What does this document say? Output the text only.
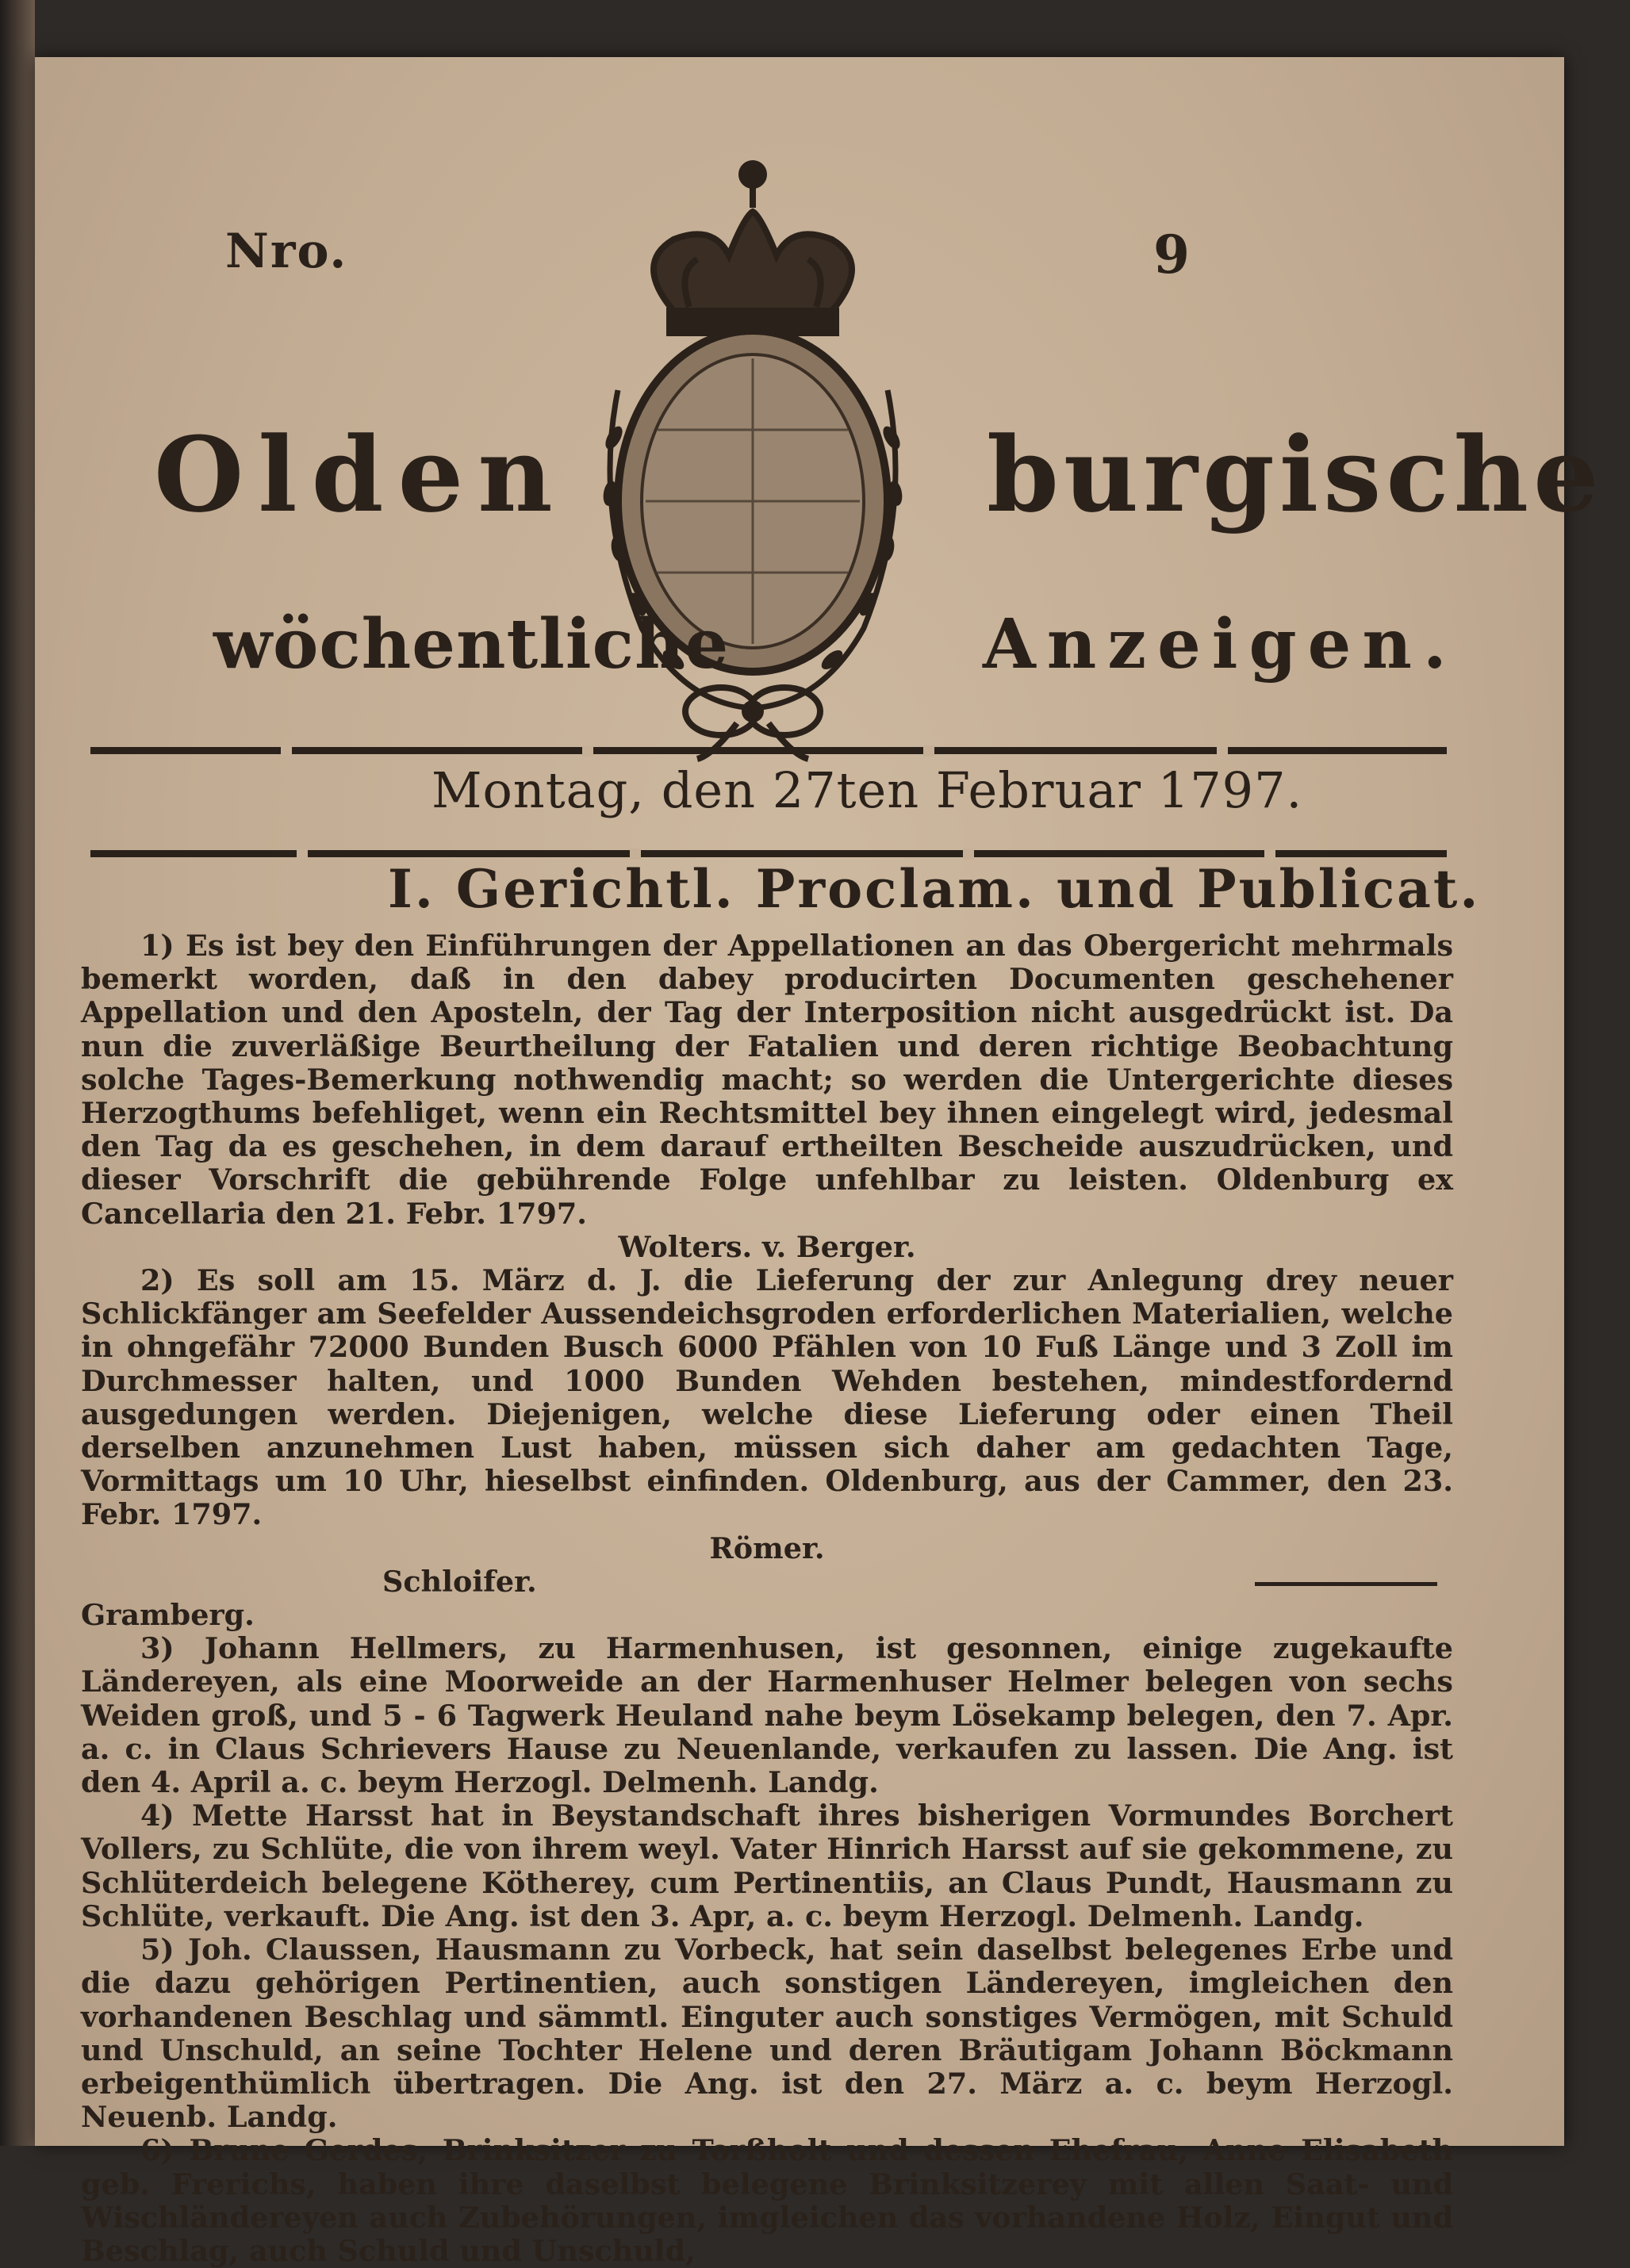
Nro.	9
Olden	burgische
wöchentliche	Anzeigen.
Montag, den 27ten Februar 1797.
I. Gerichtl. Proclam. und Publicat.

1) Es ist bey den Einführungen der Appellationen an das Obergericht mehrmals bemerkt worden, daß in den dabey producirten Documenten geschehener Appellation und den Aposteln, der Tag der Interposition nicht ausgedrückt ist. Da nun die zuverläßige Beurtheilung der Fatalien und deren richtige Beobachtung solche Tages-Bemerkung nothwendig macht; so werden die Untergerichte dieses Herzogthums befehliget, wenn ein Rechtsmittel bey ihnen eingelegt wird, jedesmal den Tag da es geschehen, in dem darauf ertheilten Bescheide auszudrücken, und dieser Vorschrift die gebührende Folge unfehlbar zu leisten. Oldenburg ex Cancellaria den 21. Febr. 1797.

Wolters. v. Berger.

2) Es soll am 15. März d. J. die Lieferung der zur Anlegung drey neuer Schlickfänger am Seefelder Aussendeichsgroden erforderlichen Materialien, welche in ohngefähr 72000 Bunden Busch 6000 Pfählen von 10 Fuß Länge und 3 Zoll im Durchmesser halten, und 1000 Bunden Wehden bestehen, mindestfordernd ausgedungen werden. Diejenigen, welche diese Lieferung oder einen Theil derselben anzunehmen Lust haben, müssen sich daher am gedachten Tage, Vormittags um 10 Uhr, hieselbst einfinden. Oldenburg, aus der Cammer, den 23. Febr. 1797.

Römer.

Schloifer.

Gramberg.

3) Johann Hellmers, zu Harmenhusen, ist gesonnen, einige zugekaufte Ländereyen, als eine Moorweide an der Harmenhuser Helmer belegen von sechs Weiden groß, und 5 - 6 Tagwerk Heuland nahe beym Lösekamp belegen, den 7. Apr. a. c. in Claus Schrievers Hause zu Neuenlande, verkaufen zu lassen. Die Ang. ist den 4. April a. c. beym Herzogl. Delmenh. Landg.

4) Mette Harsst hat in Beystandschaft ihres bisherigen Vormundes Borchert Vollers, zu Schlüte, die von ihrem weyl. Vater Hinrich Harsst auf sie gekommene, zu Schlüterdeich belegene Kötherey, cum Pertinentiis, an Claus Pundt, Hausmann zu Schlüte, verkauft. Die Ang. ist den 3. Apr, a. c. beym Herzogl. Delmenh. Landg.

5) Joh. Claussen, Hausmann zu Vorbeck, hat sein daselbst belegenes Erbe und die dazu gehörigen Pertinentien, auch sonstigen Ländereyen, imgleichen den vorhandenen Beschlag und sämmtl. Einguter auch sonstiges Vermögen, mit Schuld und Unschuld, an seine Tochter Helene und deren Bräutigam Johann Böckmann erbeigenthümlich übertragen. Die Ang. ist den 27. März a. c. beym Herzogl. Neuenb. Landg.

6) Brune Gerdes, Brinksitzer zu Torßholt und dessen Ehefrau, Anne Elisabeth geb. Frerichs, haben ihre daselbst belegene Brinksitzerey mit allen Saat- und Wischländereyen auch Zubehörungen, imgleichen das vorhandene Holz, Eingut und Beschlag, auch Schuld und Unschuld,
